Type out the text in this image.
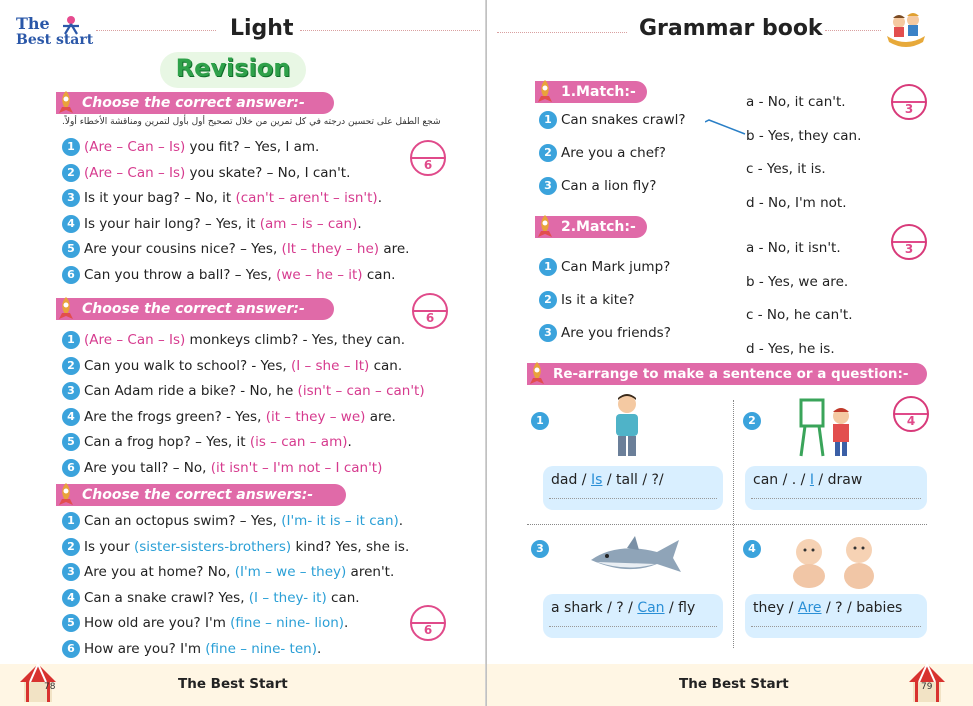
The
Best start	Light
Revision
Choose the correct answer:-
شجع الطفل على تحسين درجته في كل تمرين من خلال تصحيح أول بأول لتمرين ومناقشة الأخطاء أولاً.
6
1 (Are – Can – Is) you fit? – Yes, I am.
2 (Are – Can – Is) you skate? – No, I can't.
3 Is it your bag? – No, it (can't – aren't – isn't).
4 Is your hair long? – Yes, it (am – is – can).
5 Are your cousins nice? – Yes, (It – they – he) are.
6 Can you throw a ball? – Yes, (we – he – it) can.
Choose the correct answer:-
6
1 (Are – Can – Is) monkeys climb? - Yes, they can.
2 Can you walk to school? - Yes, (I – she – It) can.
3 Can Adam ride a bike? - No, he (isn't – can – can't)
4 Are the frogs green? - Yes, (it – they – we) are.
5 Can a frog hop? – Yes, it (is – can – am).
6 Are you tall? – No, (it isn't – I'm not – I can't)
Choose the correct answers:-
6
1 Can an octopus swim? – Yes, (I'm- it is – it can).
2 Is your (sister-sisters-brothers) kind? Yes, she is.
3 Are you at home? No, (I'm – we – they) aren't.
4 Can a snake crawl? Yes, (I – they- it) can.
5 How old are you? I'm (fine – nine- lion).
6 How are you? I'm (fine – nine- ten).
The Best Start
78
Grammar book
1.Match:-
3
1 Can snakes crawl?
2 Are you a chef?
3 Can a lion fly?
a - No, it can't.
b - Yes, they can.
c - Yes, it is.
d - No, I'm not.
2.Match:-
3
1 Can Mark jump?
2 Is it a kite?
3 Are you friends?
a - No, it isn't.
b - Yes, we are.
c - No, he can't.
d - Yes, he is.
Re-arrange to make a sentence or a question:-
4
1
dad / Is / tall / ?/
2
can / . / I / draw
3
a shark / ? / Can / fly
4
they / Are / ? / babies
The Best Start	79
